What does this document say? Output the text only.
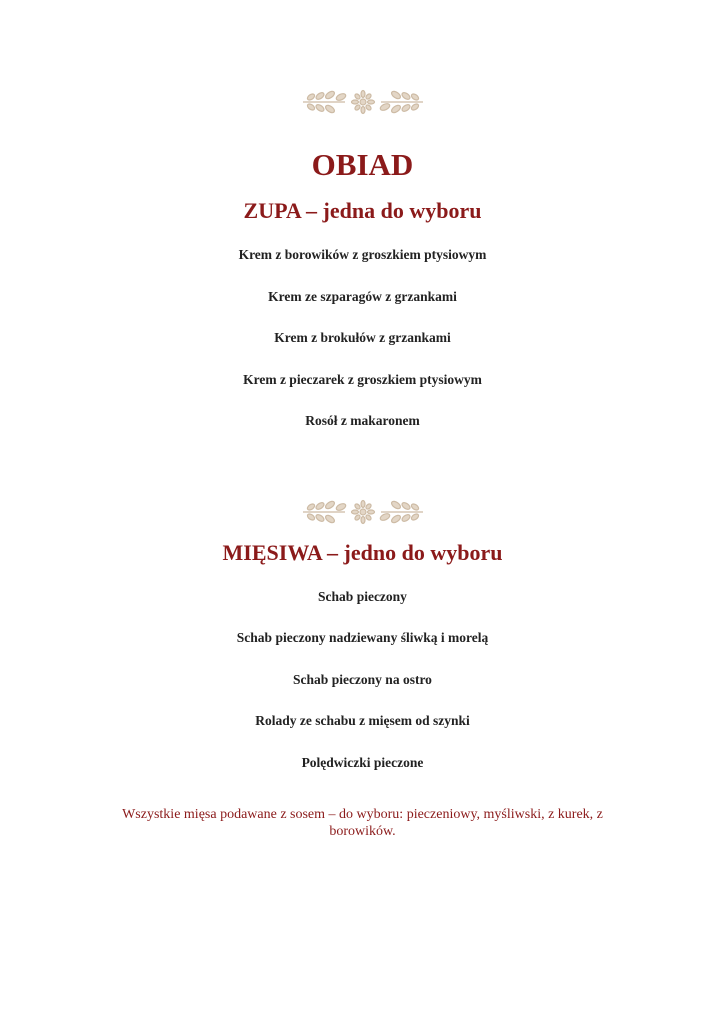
OBIAD
ZUPA – jedna do wyboru

Krem z borowików z groszkiem ptysiowym

Krem ze szparagów z grzankami

Krem z brokułów z grzankami

Krem z pieczarek z groszkiem ptysiowym

Rosół z makaronem

MIĘSIWA – jedno do wyboru

Schab pieczony

Schab pieczony nadziewany śliwką i morelą

Schab pieczony na ostro

Rolady ze schabu z mięsem od szynki

Polędwiczki pieczone

Wszystkie mięsa podawane z sosem – do wyboru: pieczeniowy, myśliwski, z kurek, z borowików.
